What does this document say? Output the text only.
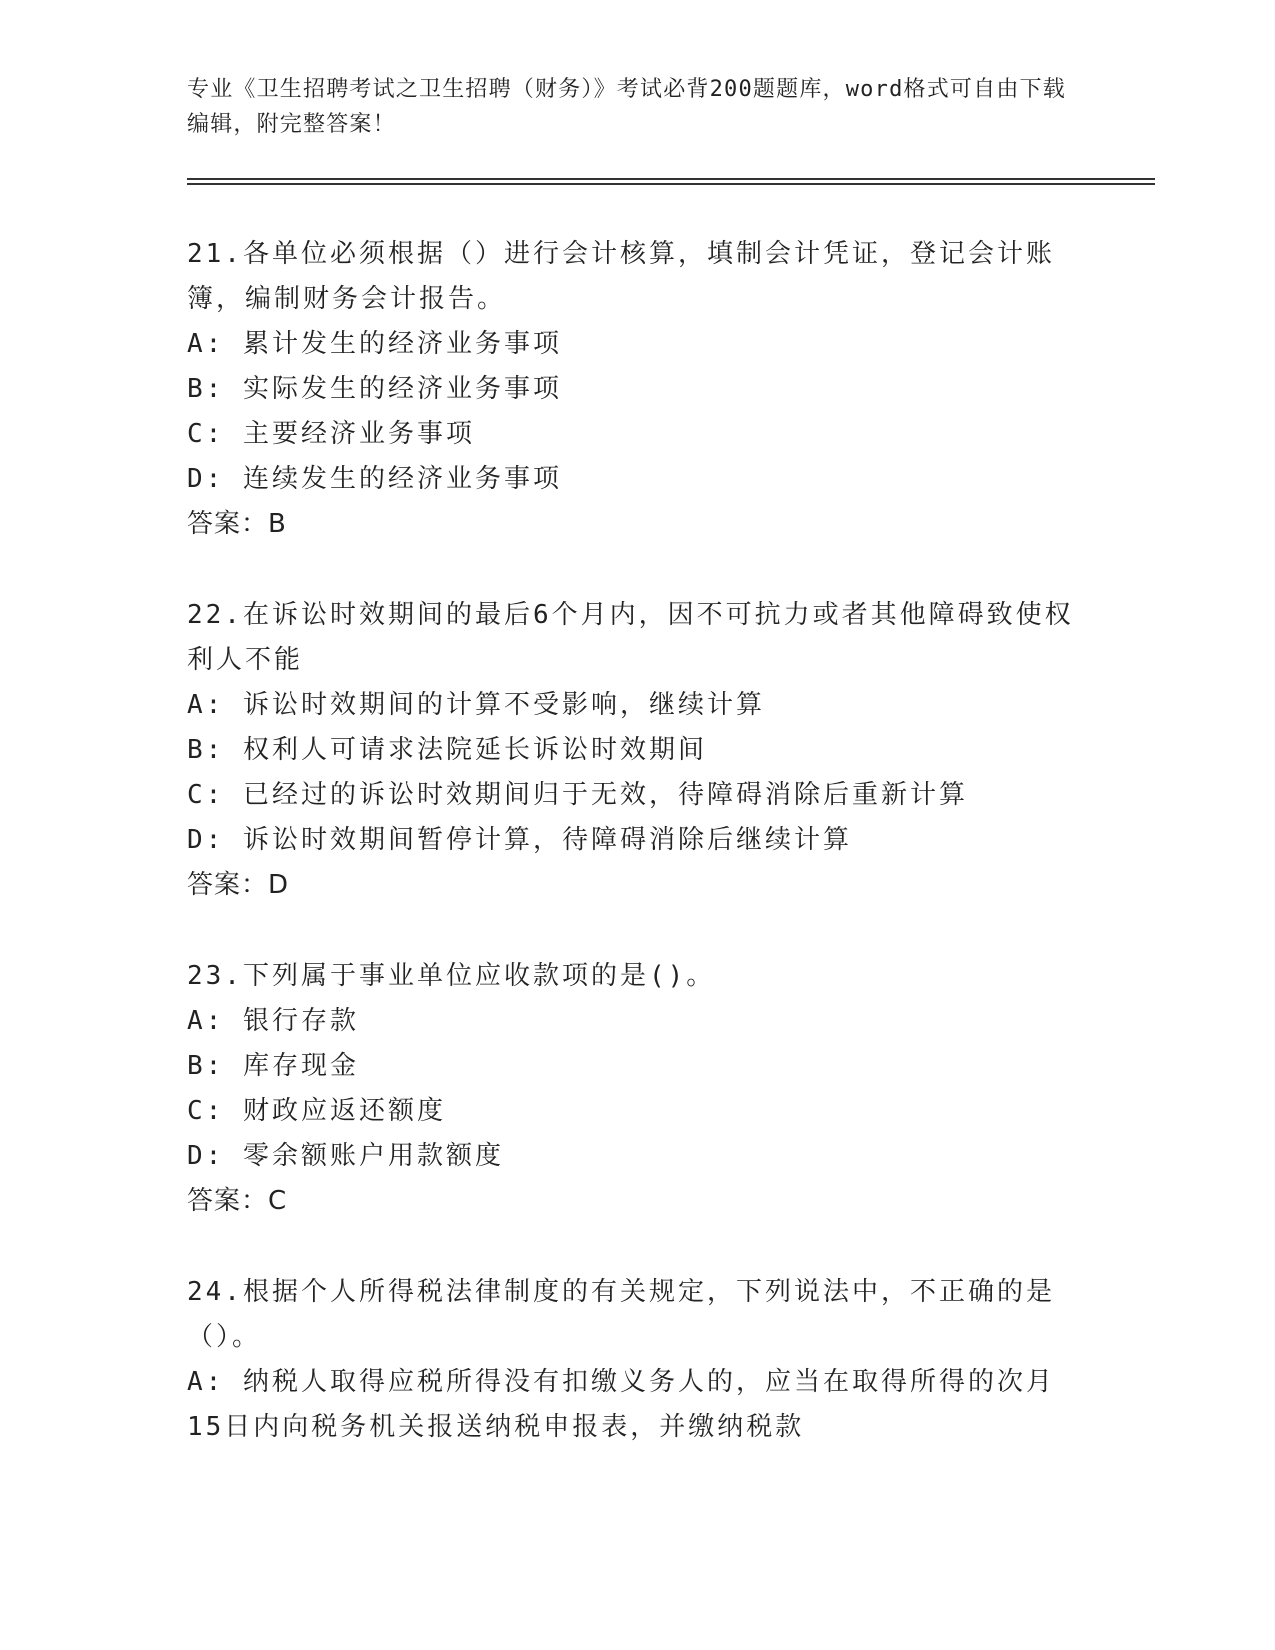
专业《卫生招聘考试之卫生招聘（财务）》考试必背200题题库，word格式可自由下载编辑，附完整答案！
21.各单位必须根据（）进行会计核算，填制会计凭证，登记会计账簿，编制财务会计报告。
A: 累计发生的经济业务事项
B: 实际发生的经济业务事项
C: 主要经济业务事项
D: 连续发生的经济业务事项
答案：B
22.在诉讼时效期间的最后6个月内，因不可抗力或者其他障碍致使权利人不能
A: 诉讼时效期间的计算不受影响，继续计算
B: 权利人可请求法院延长诉讼时效期间
C: 已经过的诉讼时效期间归于无效，待障碍消除后重新计算
D: 诉讼时效期间暂停计算，待障碍消除后继续计算
答案：D
23.下列属于事业单位应收款项的是()。
A: 银行存款
B: 库存现金
C: 财政应返还额度
D: 零余额账户用款额度
答案：C
24.根据个人所得税法律制度的有关规定，下列说法中，不正确的是（）。
A: 纳税人取得应税所得没有扣缴义务人的，应当在取得所得的次月15日内向税务机关报送纳税申报表，并缴纳税款
